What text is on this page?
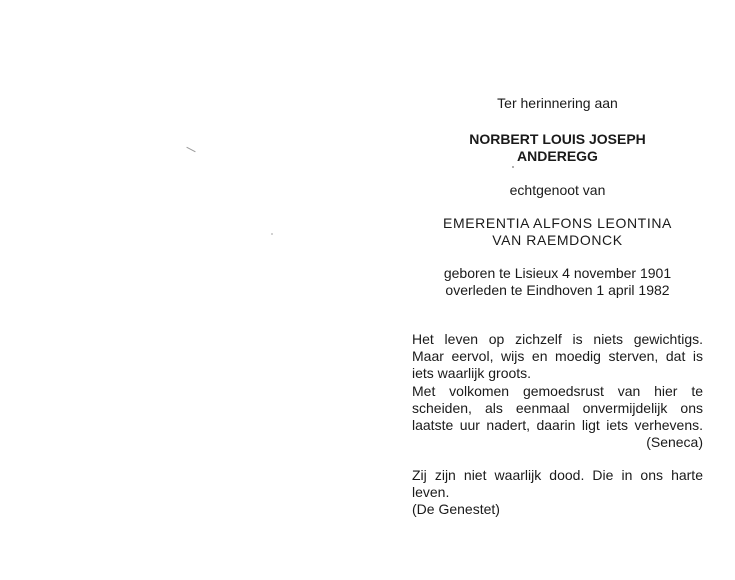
Ter herinnering aan
NORBERT LOUIS JOSEPH
ANDEREGG
echtgenoot van
EMERENTIA ALFONS LEONTINA
VAN RAEMDONCK
geboren te Lisieux 4 november 1901
overleden te Eindhoven 1 april 1982
Het leven op zichzelf is niets gewichtigs.
Maar eervol, wijs en moedig sterven, dat is
iets waarlijk groots.
Met volkomen gemoedsrust van hier te
scheiden, als eenmaal onvermijdelijk ons
laatste uur nadert, daarin ligt iets verhevens.
(Seneca)
Zij zijn niet waarlijk dood. Die in ons harte
leven.
(De Genestet)
